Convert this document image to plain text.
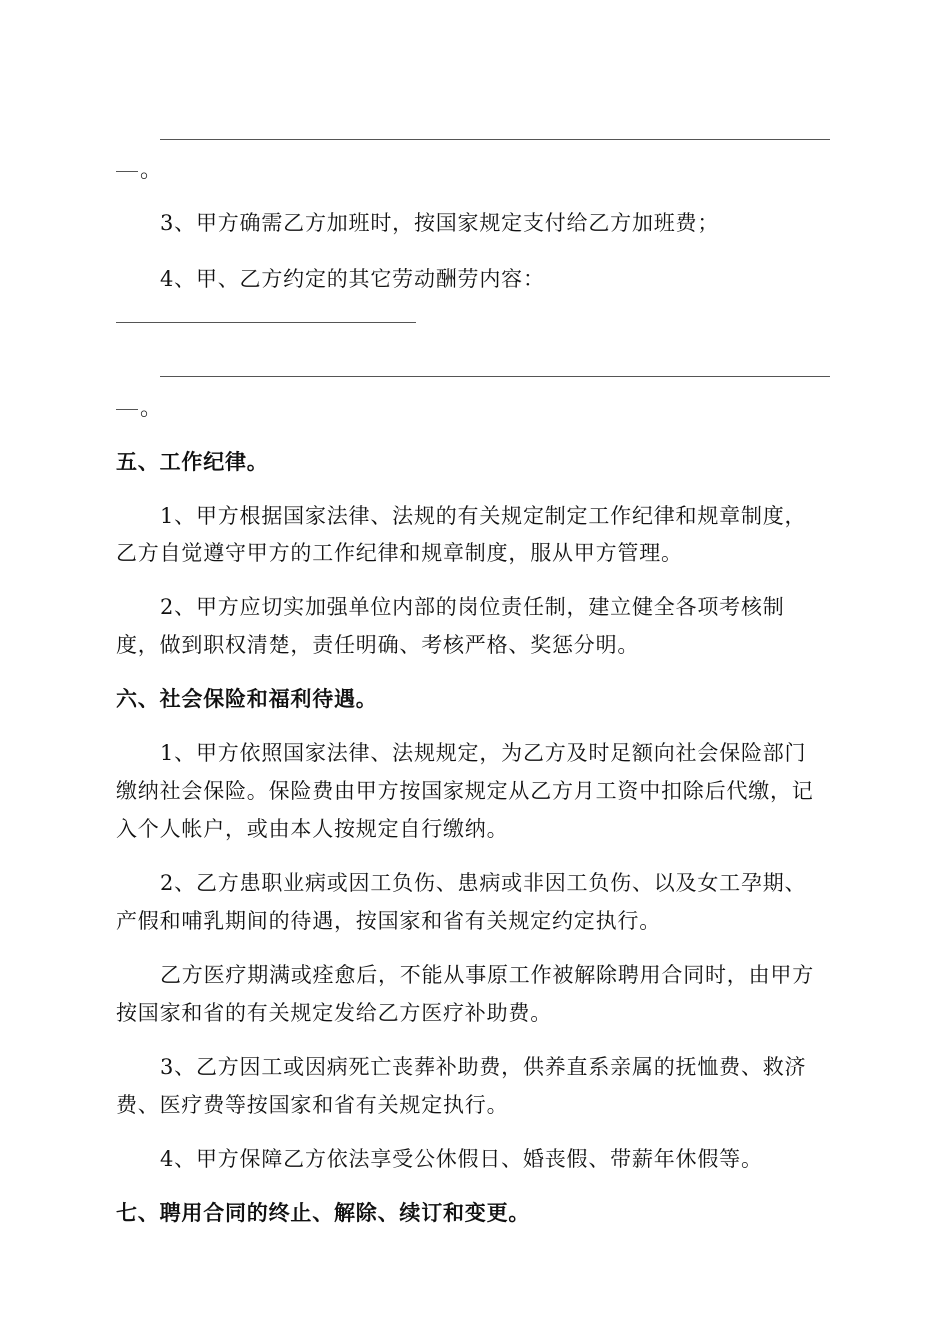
。
3、甲方确需乙方加班时，按国家规定支付给乙方加班费；
4、甲、乙方约定的其它劳动酬劳内容：
。
五、工作纪律。
1、甲方根据国家法律、法规的有关规定制定工作纪律和规章制度，
乙方自觉遵守甲方的工作纪律和规章制度，服从甲方管理。
2、甲方应切实加强单位内部的岗位责任制，建立健全各项考核制
度，做到职权清楚，责任明确、考核严格、奖惩分明。
六、社会保险和福利待遇。
1、甲方依照国家法律、法规规定，为乙方及时足额向社会保险部门
缴纳社会保险。保险费由甲方按国家规定从乙方月工资中扣除后代缴，记
入个人帐户，或由本人按规定自行缴纳。
2、乙方患职业病或因工负伤、患病或非因工负伤、以及女工孕期、
产假和哺乳期间的待遇，按国家和省有关规定约定执行。
乙方医疗期满或痊愈后，不能从事原工作被解除聘用合同时，由甲方
按国家和省的有关规定发给乙方医疗补助费。
3、乙方因工或因病死亡丧葬补助费，供养直系亲属的抚恤费、救济
费、医疗费等按国家和省有关规定执行。
4、甲方保障乙方依法享受公休假日、婚丧假、带薪年休假等。
七、聘用合同的终止、解除、续订和变更。
